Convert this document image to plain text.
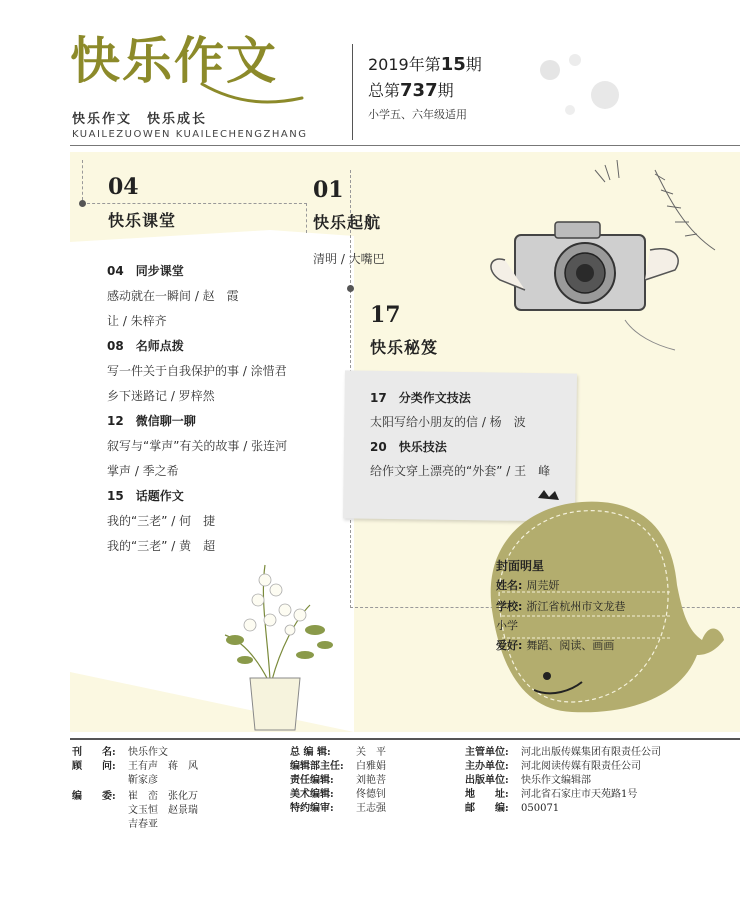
快乐作文
快乐作文　快乐成长
KUAILEZUOWEN KUAILECHENGZHANG
2019年第15期
总第737期
小学五、六年级适用
04
快乐课堂
04　同步课堂
感动就在一瞬间 / 赵　霞
让 / 朱梓齐
08　名师点拨
写一件关于自我保护的事 / 涂惜君
乡下迷路记 / 罗梓然
12　微信聊一聊
叙写与“掌声”有关的故事 / 张连河
掌声 / 季之希
15　话题作文
我的“三老” / 何　捷
我的“三老” / 黄　超
01
快乐起航
清明 / 大嘴巴
17
快乐秘笈
17　分类作文技法
太阳写给小朋友的信 / 杨　波
20　快乐技法
给作文穿上漂亮的“外套” / 王　峰
封面明星
姓名: 周芫妍
学校: 浙江省杭州市文龙巷
小学
爱好: 舞蹈、阅读、画画
刊　　名: 快乐作文
顾　　问: 王有声　蒋　风
靳家彦
编　　委: 崔　峦　张化万
文玉恒　赵景瑞
吉春亚
总 编 辑:	关　平
编辑部主任: 白雅娟
责任编辑: 刘艳菩
美术编辑: 佟德钊
特约编审: 王志强
主管单位: 河北出版传媒集团有限责任公司
主办单位: 河北阅读传媒有限责任公司
出版单位: 快乐作文编辑部
地　　址: 河北省石家庄市天苑路1号
邮　　编: 050071
